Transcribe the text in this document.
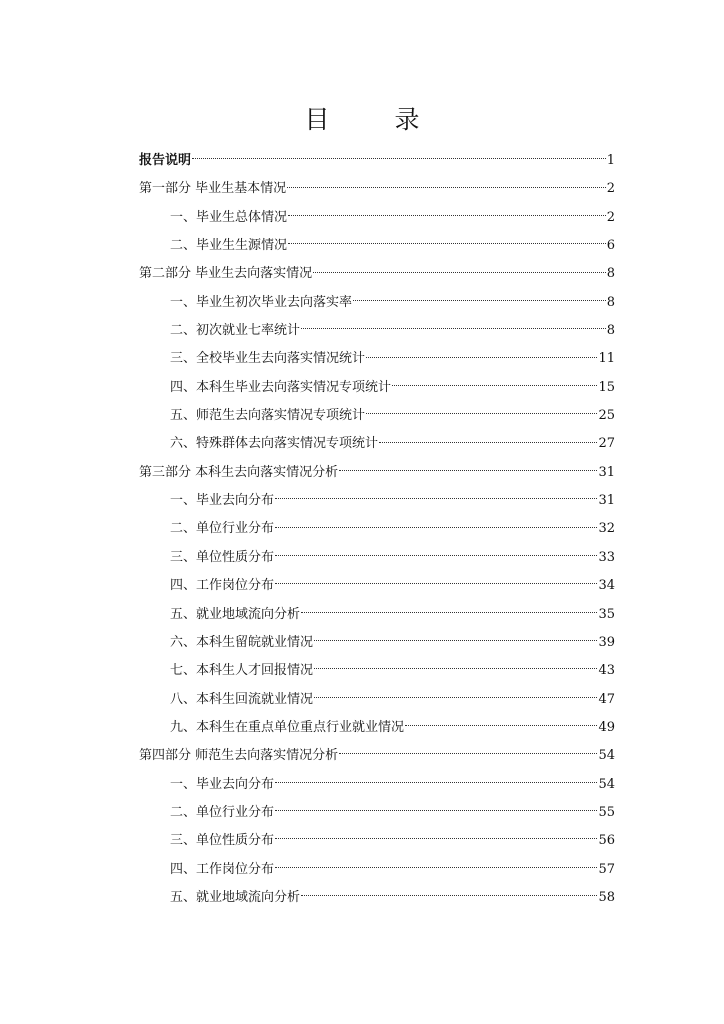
目　录
报告说明	1
第一部分 毕业生基本情况	2
一、毕业生总体情况	2
二、毕业生生源情况	6
第二部分 毕业生去向落实情况	8
一、毕业生初次毕业去向落实率	8
二、初次就业七率统计	8
三、全校毕业生去向落实情况统计	11
四、本科生毕业去向落实情况专项统计	15
五、师范生去向落实情况专项统计	25
六、特殊群体去向落实情况专项统计	27
第三部分 本科生去向落实情况分析	31
一、毕业去向分布	31
二、单位行业分布	32
三、单位性质分布	33
四、工作岗位分布	34
五、就业地域流向分析	35
六、本科生留皖就业情况	39
七、本科生人才回报情况	43
八、本科生回流就业情况	47
九、本科生在重点单位重点行业就业情况	49
第四部分 师范生去向落实情况分析	54
一、毕业去向分布	54
二、单位行业分布	55
三、单位性质分布	56
四、工作岗位分布	57
五、就业地域流向分析	58
